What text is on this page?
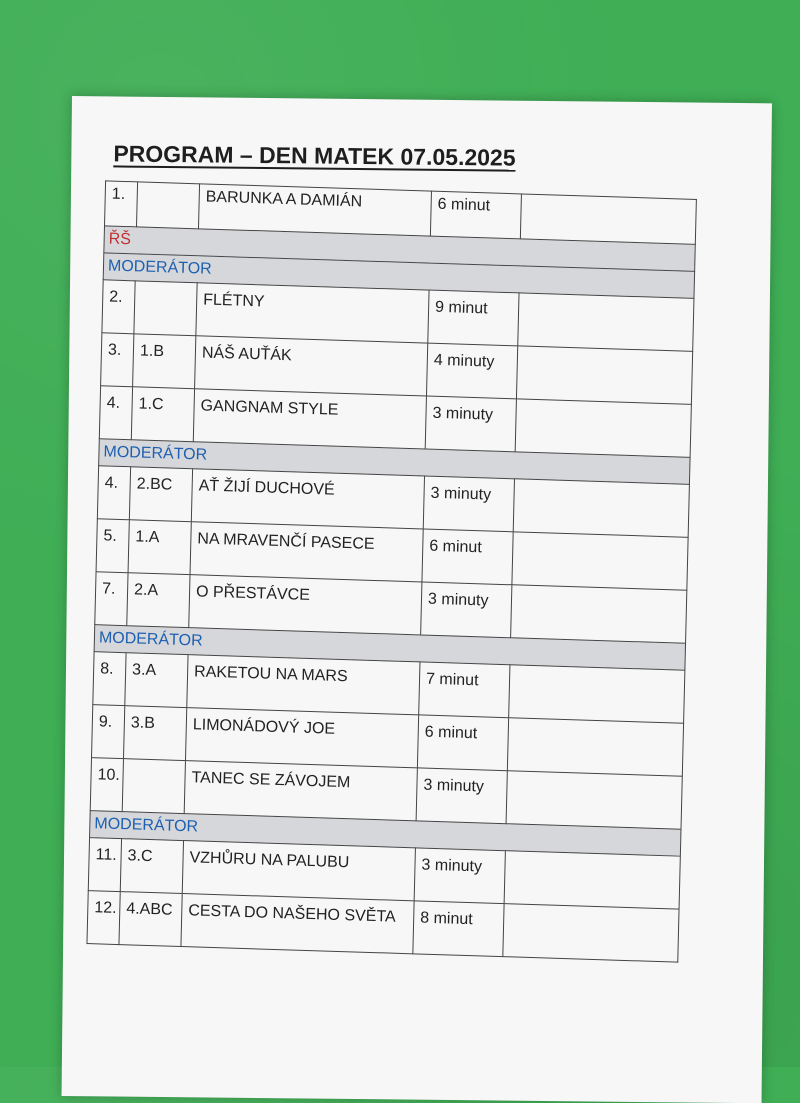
PROGRAM – DEN MATEK 07.05.2025
1.		BARUNKA A DAMIÁN	6 minut	
ŘŠ				
MODERÁTOR				
2.		FLÉTNY	9 minut	
3.	1.B	NÁŠ AUŤÁK	4 minuty	
4.	1.C	GANGNAM STYLE	3 minuty	
MODERÁTOR				
4.	2.BC	AŤ ŽIJÍ DUCHOVÉ	3 minuty	
5.	1.A	NA MRAVENČÍ PASECE	6 minut	
7.	2.A	O PŘESTÁVCE	3 minuty	
MODERÁTOR				
8.	3.A	RAKETOU NA MARS	7 minut	
9.	3.B	LIMONÁDOVÝ JOE	6 minut	
10.		TANEC SE ZÁVOJEM	3 minuty	
MODERÁTOR				
11.	3.C	VZHŮRU NA PALUBU	3 minuty	
12.	4.ABC	CESTA DO NAŠEHO SVĚTA	8 minut	
